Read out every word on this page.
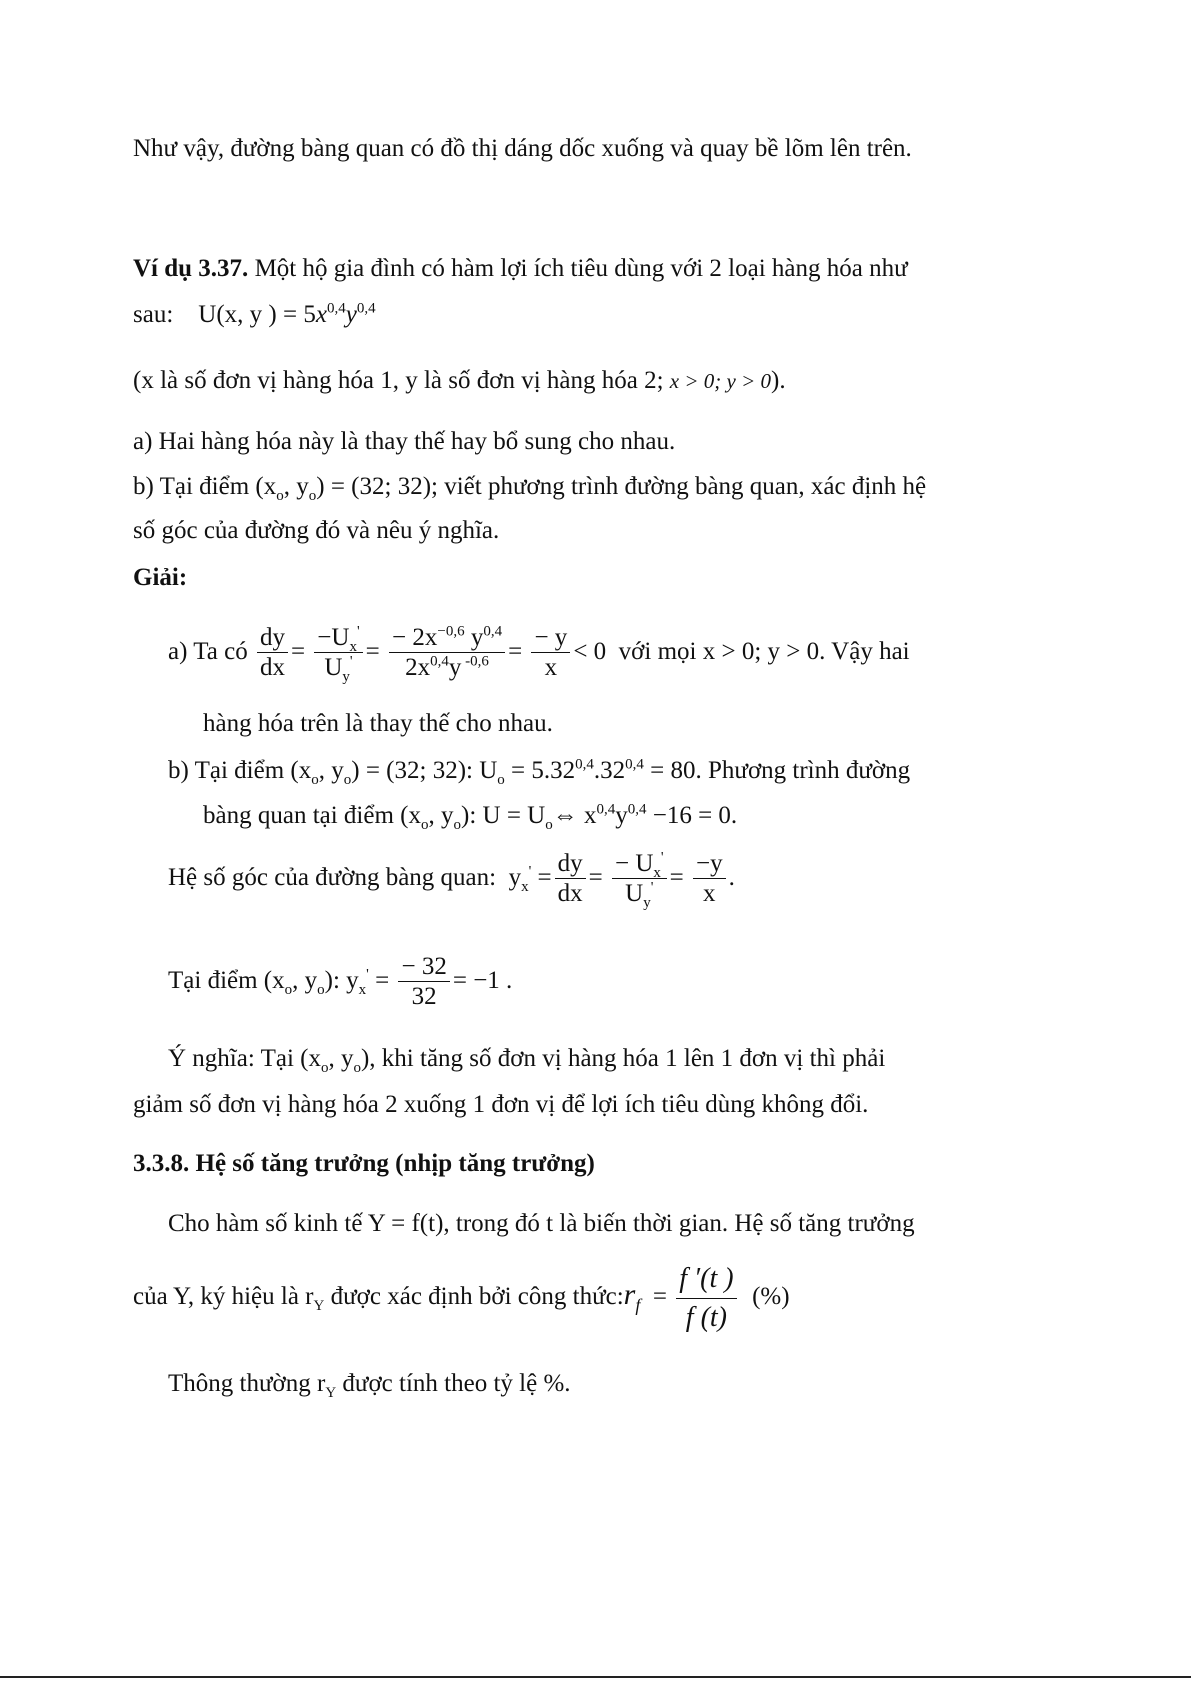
Như vậy, đường bàng quan có đồ thị dáng dốc xuống và quay bề lõm lên trên.
Ví dụ 3.37. Một hộ gia đình có hàm lợi ích tiêu dùng với 2 loại hàng hóa như
sau: U(x, y ) = $5x^{0,4}y^{0,4}$
(x là số đơn vị hàng hóa 1, y là số đơn vị hàng hóa 2; x > 0; y > 0).
a) Hai hàng hóa này là thay thế hay bổ sung cho nhau.
b) Tại điểm ($x_o$, $y_o) = (32$; 32); viết phương trình đường bàng quan, xác định hệ
số góc của đường đó và nêu ý nghĩa.
Giải:
a) Ta có $\frac{dy}{dx} = \frac{-U_x'}{U_y'} = \frac{- 2x^{-0,6} y^{0,4}}{2x^{0,4}y ^{-0,6}} = \frac{- y}{x} < 0$  với mọi x > 0; y > 0. Vậy hai
hàng hóa trên là thay thế cho nhau.
b) Tại điểm ($x_o$, $y_o) = (32$; 32): $U_o = 5.32^{0,4}.32^{0,4} = 80$. Phương trình đường
bàng quan tại điểm ($x_o$, $y_o$): $U = U_o\Leftrightarrow$ $x^{0,4}y^{0,4} -16 = 0$.
Hệ số góc của đường bàng quan:  $y_x' = \frac{dy}{dx} = \frac{- U_x'}{U_y'} = \frac{-y}{x}$ .
Tại điểm ($x_o$, $y_o$): $y_x' = \frac{- 32}{32} = -1$ .
Ý nghĩa: Tại ($x_o$, $y_o$), khi tăng số đơn vị hàng hóa 1 lên 1 đơn vị thì phải
giảm số đơn vị hàng hóa 2 xuống 1 đơn vị để lợi ích tiêu dùng không đổi.
3.3.8. Hệ số tăng trưởng (nhịp tăng trưởng)
Cho hàm số kinh tế Y = f(t), trong đó t là biến thời gian. Hệ số tăng trưởng
của Y, ký hiệu là $r_Y$ được xác định bởi công $thức:r_f = \frac{f '(t )}{f (t)}$ (%)
Thông thường $r_Y$ được tính theo tỷ lệ %.
